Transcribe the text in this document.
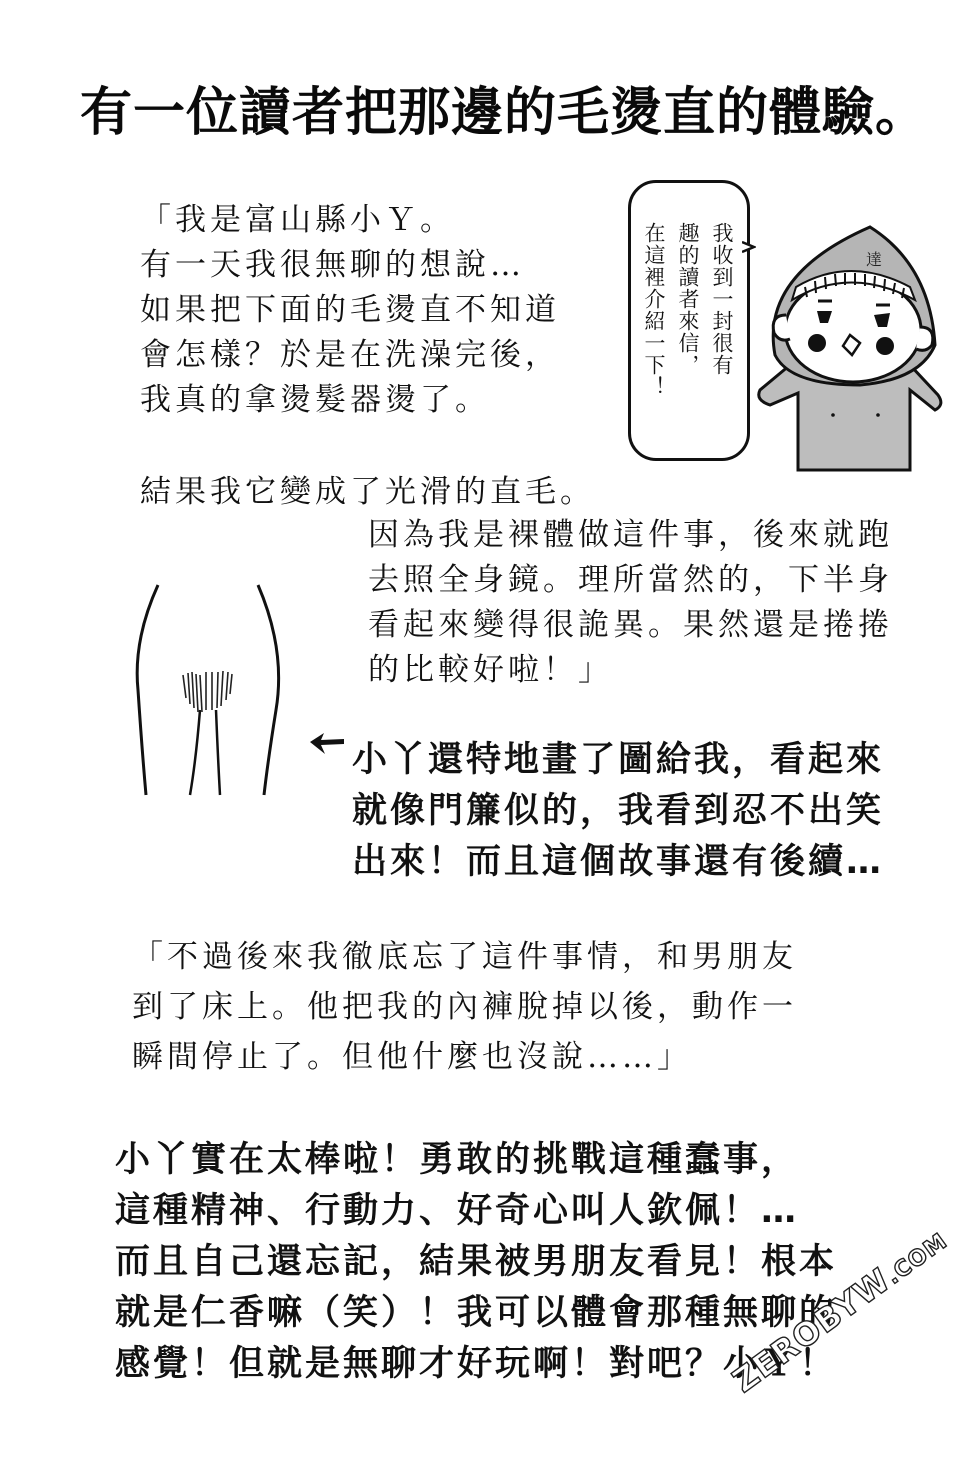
有一位讀者把那邊的毛燙直的體驗。
我收到一封很有
趣的讀者來信，
在這裡介紹一下！	達
「我是富山縣小Ｙ。
有一天我很無聊的想說…
如果把下面的毛燙直不知道
會怎樣？於是在洗澡完後，
我真的拿燙髮器燙了。
結果我它變成了光滑的直毛。
因為我是裸體做這件事，後來就跑
去照全身鏡。理所當然的，下半身
看起來變得很詭異。果然還是捲捲
的比較好啦！」
小丫還特地畫了圖給我，看起來
就像門簾似的，我看到忍不出笑
出來！而且這個故事還有後續…
「不過後來我徹底忘了這件事情，和男朋友
到了床上。他把我的內褲脫掉以後，動作一
瞬間停止了。但他什麼也沒說……」
小丫實在太棒啦！勇敢的挑戰這種蠢事，
這種精神、行動力、好奇心叫人欽佩！…
而且自己還忘記，結果被男朋友看見！根本
就是仁香嘛（笑）！我可以體會那種無聊的
感覺！但就是無聊才好玩啊！對吧？小Ｙ！
ZEROBYW.COM
